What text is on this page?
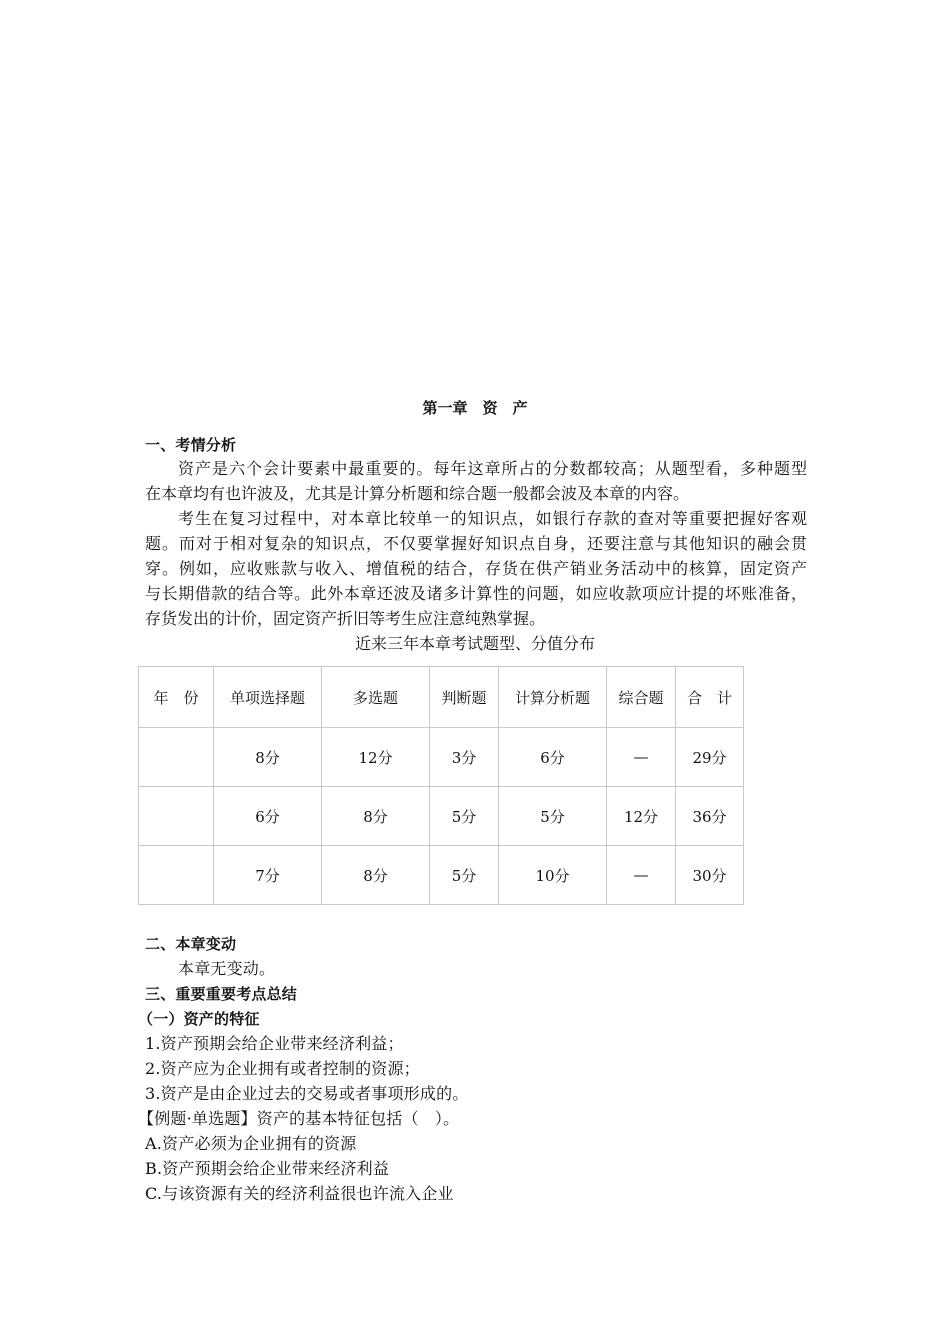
第一章　资　产
一、考情分析
资产是六个会计要素中最重要的。每年这章所占的分数都较高；从题型看，多种题型
在本章均有也许波及，尤其是计算分析题和综合题一般都会波及本章的内容。
考生在复习过程中，对本章比较单一的知识点，如银行存款的查对等重要把握好客观
题。而对于相对复杂的知识点，不仅要掌握好知识点自身，还要注意与其他知识的融会贯
穿。例如，应收账款与收入、增值税的结合，存货在供产销业务活动中的核算，固定资产
与长期借款的结合等。此外本章还波及诸多计算性的问题，如应收款项应计提的坏账准备，
存货发出的计价，固定资产折旧等考生应注意纯熟掌握。
近来三年本章考试题型、分值分布
年　份	单项选择题	多选题	判断题	计算分析题	综合题	合　计
	8分	12分	3分	6分	—	29分
	6分	8分	5分	5分	12分	36分
	7分	8分	5分	10分	—	30分
二、本章变动
本章无变动。
三、重要重要考点总结
（一）资产的特征
1.资产预期会给企业带来经济利益；
2.资产应为企业拥有或者控制的资源；
3.资产是由企业过去的交易或者事项形成的。
【例题·单选题】资产的基本特征包括（　）。
A.资产必须为企业拥有的资源
B.资产预期会给企业带来经济利益
C.与该资源有关的经济利益很也许流入企业
